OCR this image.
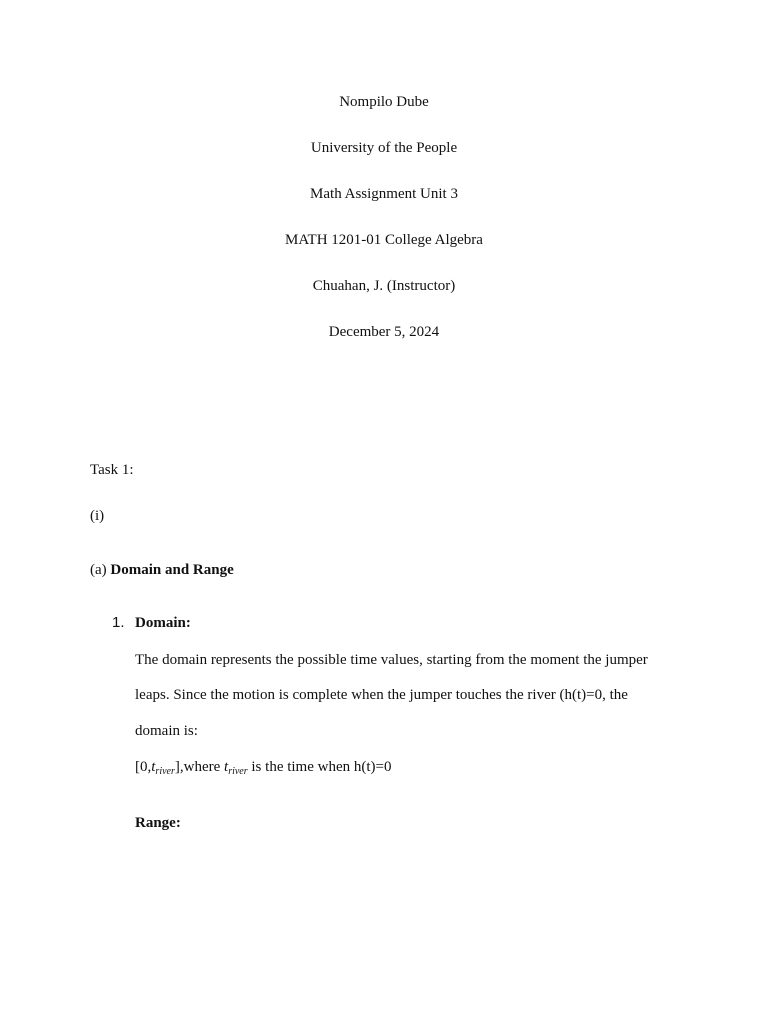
Nompilo Dube
University of the People
Math Assignment Unit 3
MATH 1201-01 College Algebra
Chuahan, J. (Instructor)
December 5, 2024
Task 1:
(i)
(a) Domain and Range
1. Domain:
The domain represents the possible time values, starting from the moment the jumper
leaps. Since the motion is complete when the jumper touches the river (h(t)=0, the
domain is:
$[0,t_{river}],where$ $t_{river}$ is the time when h(t)=0
Range:
